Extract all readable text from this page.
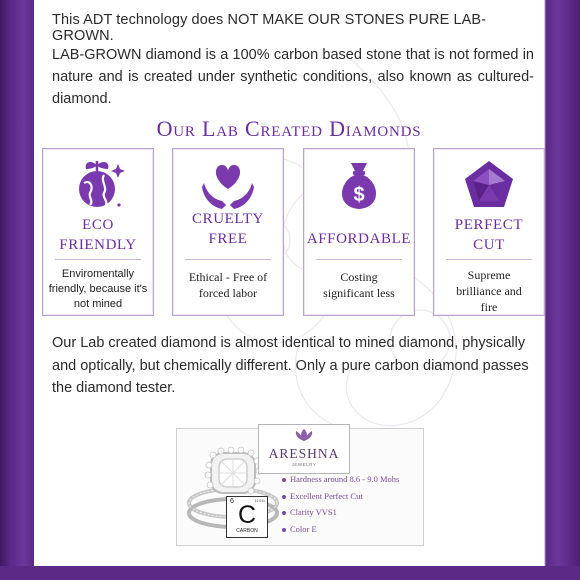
This ADT technology does NOT MAKE OUR STONES PURE LAB-GROWN.
LAB-GROWN diamond is a 100% carbon based stone that is not formed in nature and is created under synthetic conditions, also known as cultured-diamond.
Our Lab Created Diamonds
ECO
FRIENDLY
Enviromentally
friendly, because it's
not mined
CRUELTY
FREE
Ethical - Free of
forced labor
$
AFFORDABLE
Costing
significant less
PERFECT
CUT
Supreme
brilliance and
fire
Our Lab created diamond is almost identical to mined diamond, physically and optically, but chemically different. Only a pure carbon diamond passes the diamond tester.
ARESHNA
JEWELRY
Hardness around 8.6 - 9.0 Mohs
Excellent Perfect Cut
Clarity VVS1
Color E
6	12.011
C
CARBON
